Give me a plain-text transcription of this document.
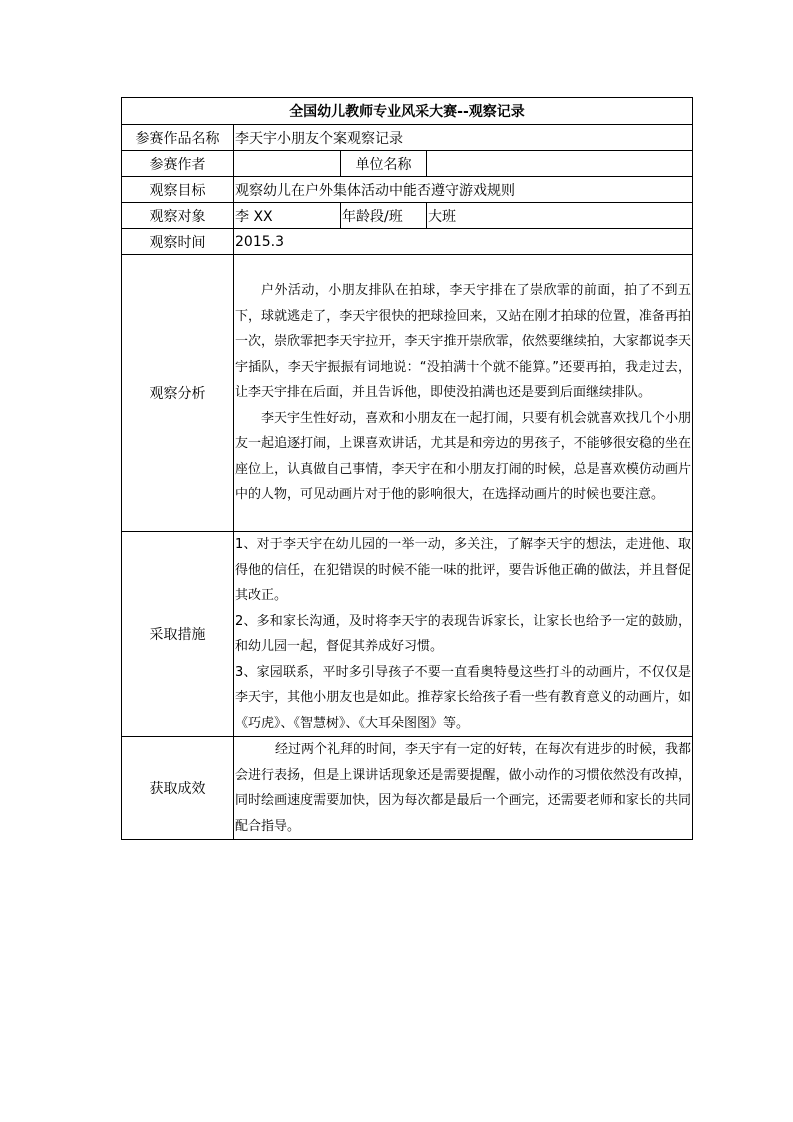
全国幼儿教师专业风采大赛--观察记录			
参赛作品名称	李天宇小朋友个案观察记录		
参赛作者		单位名称	
观察目标	观察幼儿在户外集体活动中能否遵守游戏规则		
观察对象	李 XX	年龄段/班	大班
观察时间	2015.3		
观察分析	户外活动，小朋友排队在拍球，李天宇排在了崇欣霏的前面，拍了不到五下，球就逃走了，李天宇很快的把球捡回来，又站在刚才拍球的位置，准备再拍一次，崇欣霏把李天宇拉开，李天宇推开崇欣霏，依然要继续拍，大家都说李天宇插队，李天宇振振有词地说：“没拍满十个就不能算。”还要再拍，我走过去，让李天宇排在后面，并且告诉他，即使没拍满也还是要到后面继续排队。

李天宇生性好动，喜欢和小朋友在一起打闹，只要有机会就喜欢找几个小朋友一起追逐打闹，上课喜欢讲话，尤其是和旁边的男孩子，不能够很安稳的坐在座位上，认真做自己事情，李天宇在和小朋友打闹的时候，总是喜欢模仿动画片中的人物，可见动画片对于他的影响很大，在选择动画片的时候也要注意。		

采取措施	1、对于李天宇在幼儿园的一举一动，多关注，了解李天宇的想法，走进他、取得他的信任，在犯错误的时候不能一味的批评，要告诉他正确的做法，并且督促其改正。

2、多和家长沟通，及时将李天宇的表现告诉家长，让家长也给予一定的鼓励，和幼儿园一起，督促其养成好习惯。

3、家园联系，平时多引导孩子不要一直看奥特曼这些打斗的动画片，不仅仅是李天宇，其他小朋友也是如此。推荐家长给孩子看一些有教育意义的动画片，如《巧虎》、《智慧树》、《大耳朵图图》等。		

获取成效	经过两个礼拜的时间，李天宇有一定的好转，在每次有进步的时候，我都会进行表扬，但是上课讲话现象还是需要提醒，做小动作的习惯依然没有改掉，同时绘画速度需要加快，因为每次都是最后一个画完，还需要老师和家长的共同配合指导。		
